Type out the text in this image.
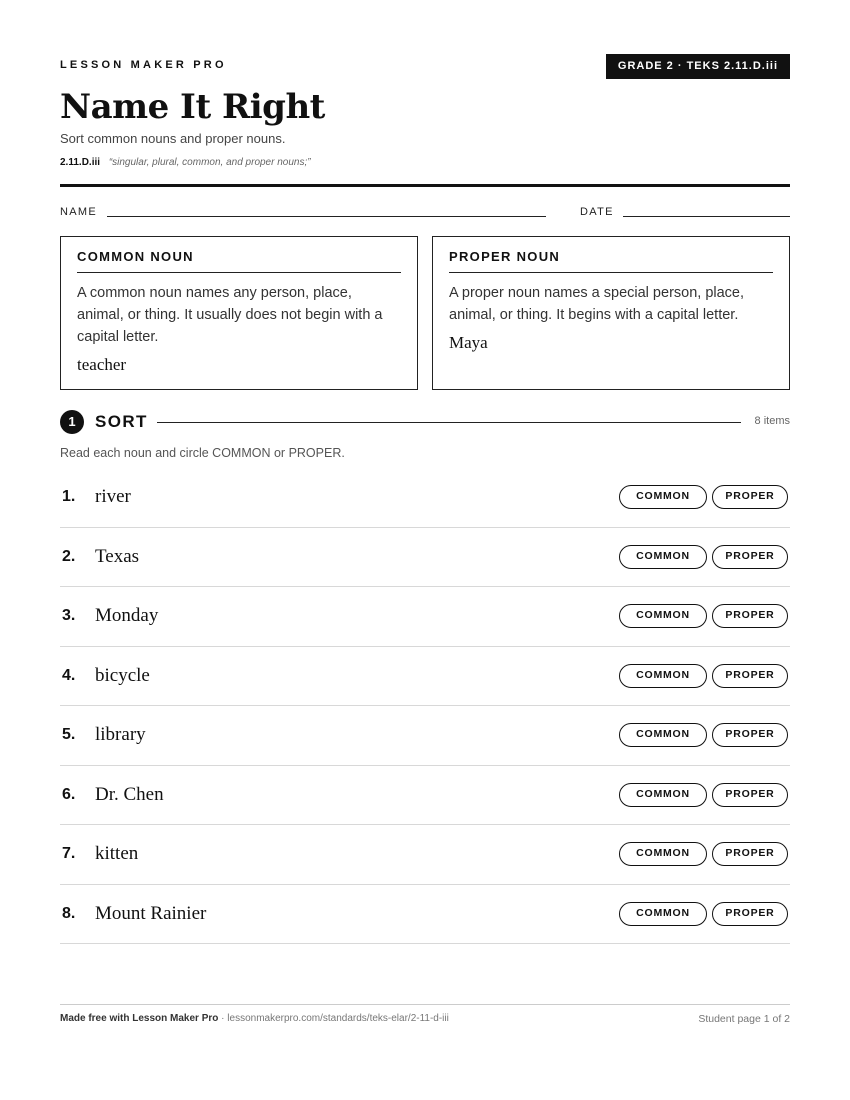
LESSON MAKER PRO	GRADE 2 · TEKS 2.11.D.iii
Name It Right
Sort common nouns and proper nouns.
2.11.D.iii “singular, plural, common, and proper nouns;”
NAME	DATE
COMMON NOUN
A common noun names any person, place, animal, or thing. It usually does not begin with a capital letter.
teacher
PROPER NOUN
A proper noun names a special person, place, animal, or thing. It begins with a capital letter.
Maya
1	SORT	8 items
Read each noun and circle COMMON or PROPER.
1. river	COMMON	PROPER
2. Texas	COMMON	PROPER
3. Monday	COMMON	PROPER
4. bicycle	COMMON	PROPER
5. library	COMMON	PROPER
6. Dr. Chen	COMMON	PROPER
7. kitten	COMMON	PROPER
8. Mount Rainier	COMMON	PROPER
Made free with Lesson Maker Pro · lessonmakerpro.com/standards/teks-elar/2-11-d-iii	Student page 1 of 2
